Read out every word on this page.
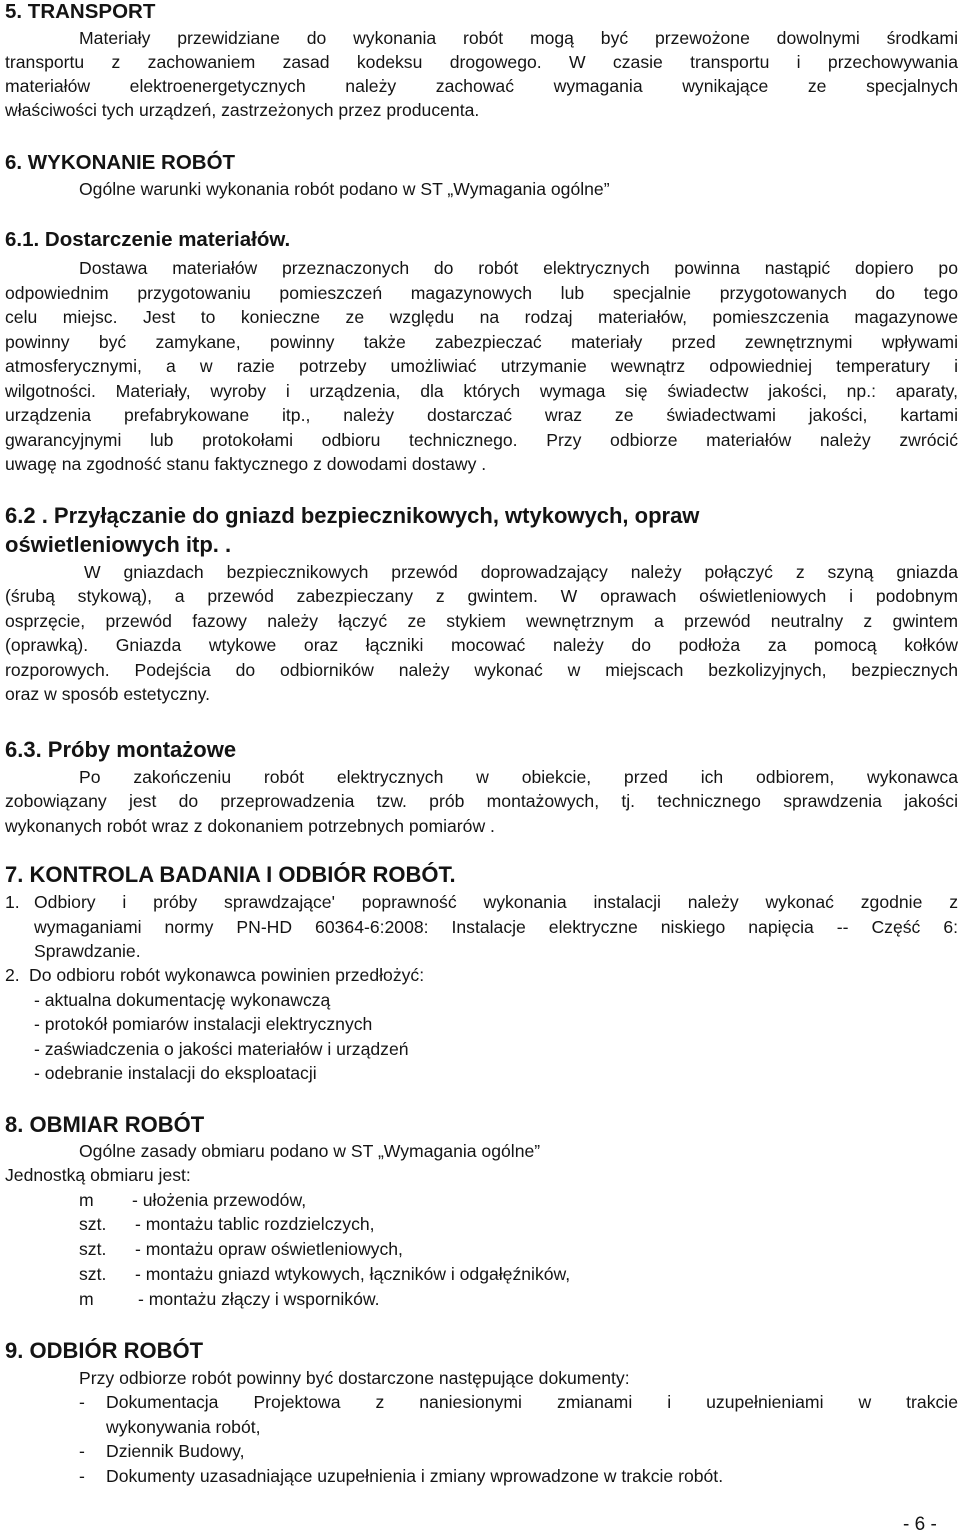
5. TRANSPORT
Materiały przewidziane do wykonania robót mogą być przewożone dowolnymi środkami
transportu z zachowaniem zasad kodeksu drogowego. W czasie transportu i przechowywania
materiałów elektroenergetycznych należy zachować wymagania wynikające ze specjalnych
właściwości tych urządzeń, zastrzeżonych przez producenta.
6. WYKONANIE ROBÓT
Ogólne warunki wykonania robót podano w ST „Wymagania ogólne”
6.1. Dostarczenie materiałów.
Dostawa materiałów przeznaczonych do robót elektrycznych powinna nastąpić dopiero po
odpowiednim przygotowaniu pomieszczeń magazynowych lub specjalnie przygotowanych do tego
celu miejsc. Jest to konieczne ze względu na rodzaj materiałów, pomieszczenia magazynowe
powinny być zamykane, powinny także zabezpieczać materiały przed zewnętrznymi wpływami
atmosferycznymi, a w razie potrzeby umożliwiać utrzymanie wewnątrz odpowiedniej temperatury i
wilgotności. Materiały, wyroby i urządzenia, dla których wymaga się świadectw jakości, np.: aparaty,
urządzenia prefabrykowane itp., należy dostarczać wraz ze świadectwami jakości, kartami
gwarancyjnymi lub protokołami odbioru technicznego. Przy odbiorze materiałów należy zwrócić
uwagę na zgodność stanu faktycznego z dowodami dostawy .
6.2 . Przyłączanie do gniazd bezpiecznikowych, wtykowych, opraw
oświetleniowych itp. .
W gniazdach bezpiecznikowych przewód doprowadzający należy połączyć z szyną gniazda
(śrubą stykową), a przewód zabezpieczany z gwintem. W oprawach oświetleniowych i podobnym
osprzęcie, przewód fazowy należy łączyć ze stykiem wewnętrznym a przewód neutralny z gwintem
(oprawką). Gniazda wtykowe oraz łączniki mocować należy do podłoża za pomocą kołków
rozporowych. Podejścia do odbiorników należy wykonać w miejscach bezkolizyjnych, bezpiecznych
oraz w sposób estetyczny.
6.3. Próby montażowe
Po zakończeniu robót elektrycznych w obiekcie, przed ich odbiorem, wykonawca
zobowiązany jest do przeprowadzenia tzw. prób montażowych, tj. technicznego sprawdzenia jakości
wykonanych robót wraz z dokonaniem potrzebnych pomiarów .
7. KONTROLA BADANIA I ODBIÓR ROBÓT.
1. Odbiory i próby sprawdzające' poprawność wykonania instalacji należy wykonać zgodnie z
wymaganiami normy PN-HD 60364-6:2008: Instalacje elektryczne niskiego napięcia -- Część 6:
Sprawdzanie.
2. Do odbioru robót wykonawca powinien przedłożyć:
- aktualna dokumentację wykonawczą
- protokół pomiarów instalacji elektrycznych
- zaświadczenia o jakości materiałów i urządzeń
- odebranie instalacji do eksploatacji
8. OBMIAR ROBÓT
Ogólne zasady obmiaru podano w ST „Wymagania ogólne”
Jednostką obmiaru jest:
m - ułożenia przewodów,
szt. - montażu tablic rozdzielczych,
szt. - montażu opraw oświetleniowych,
szt. - montażu gniazd wtykowych, łączników i odgałęźników,
m	- montażu złączy i wsporników.
9. ODBIÓR ROBÓT
Przy odbiorze robót powinny być dostarczone następujące dokumenty:
- Dokumentacja Projektowa z naniesionymi zmianami i uzupełnieniami w trakcie
wykonywania robót,
- Dziennik Budowy,
- Dokumenty uzasadniające uzupełnienia i zmiany wprowadzone w trakcie robót.
- 6 -
